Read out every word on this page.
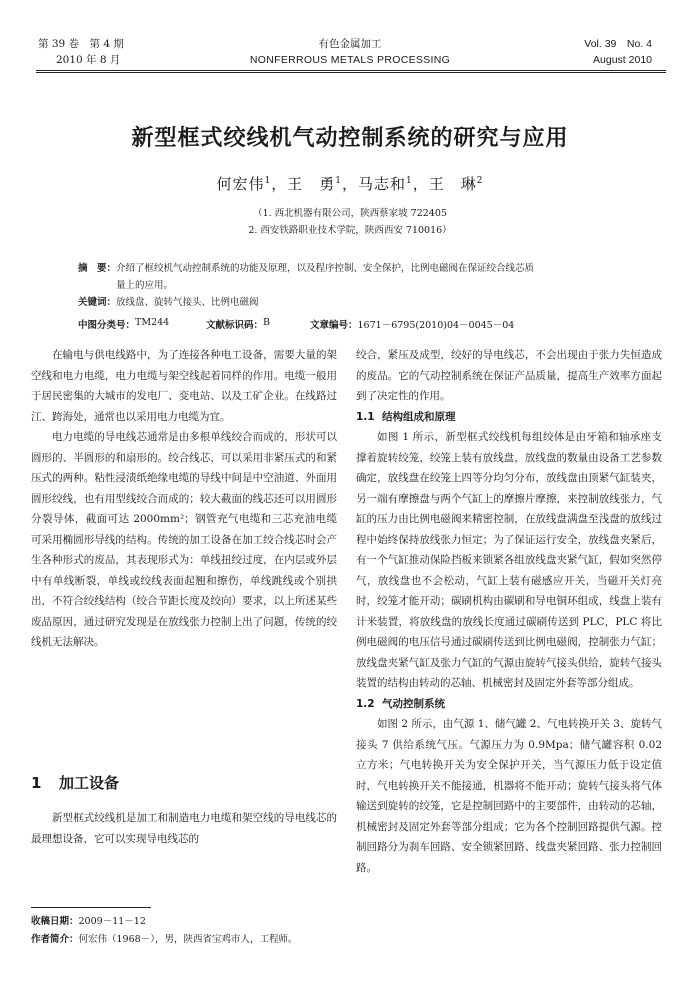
第 39 卷　第 4 期
2010 年 8 月
有色金属加工
NONFERROUS METALS PROCESSING
Vol. 39　No. 4
August 2010
新型框式绞线机气动控制系统的研究与应用
何宏伟$^1$，王　勇$^1$，马志和$^1$，王　琳$^2$
（1. 西北机器有限公司，陕西蔡家坡 722405
2. 西安铁路职业技术学院，陕西西安 710016）
摘　要：介绍了框绞机气动控制系统的功能及原理，以及程序控制、安全保护，比例电磁阀在保证绞合线芯质
量上的应用。
关键词：放线盘、旋转气接头、比例电磁阀
中图分类号： TM244	文献标识码： B	文章编号： 1671－6795(2010)04－0045－04

在输电与供电线路中，为了连接各种电工设备，需要大量的架空线和电力电缆，电力电缆与架空线起着同样的作用。电缆一般用于居民密集的大城市的发电厂、变电站、以及工矿企业。在线路过江、跨海处，通常也以采用电力电缆为宜。

电力电缆的导电线芯通常是由多根单线绞合而成的，形状可以圆形的、半圆形的和扇形的。绞合线芯，可以采用非紧压式的和紧压式的两种。粘性浸渍纸绝缘电缆的导线中间是中空油道、外面用圆形绞线，也有用型线绞合而成的；较大截面的线芯还可以用圆形分裂导体，截面可达 2000mm²；钢管充气电缆和三芯充油电缆可采用椭圆形导线的结构。传统的加工设备在加工绞合线芯时会产生各种形式的废品，其表现形式为：单线扭绞过度，在内层或外层中有单线断裂，单线或绞线表面起翘和擦伤，单线跳线或个别拱出，不符合绞线结构（绞合节距长度及绞向）要求，以上所述某些废品原因，通过研究发现是在放线张力控制上出了问题，传统的绞线机无法解决。

1 加工设备

新型框式绞线机是加工和制造电力电缆和架空线的导电线芯的最理想设备，它可以实现导电线芯的

收稿日期：2009－11－12
作者简介：何宏伟（1968－），男，陕西省宝鸡市人，工程师。

绞合，紧压及成型，绞好的导电线芯，不会出现由于张力失恒造成的废品。它的气动控制系统在保证产品质量，提高生产效率方面起到了决定性的作用。

1.1 结构组成和原理

如图 1 所示，新型框式绞线机每组绞体是由牙箱和轴承座支撑着旋转绞笼，绞笼上装有放线盘，放线盘的数量由设备工艺参数确定，放线盘在绞笼上四等分均匀分布，放线盘由顶紧气缸装夹，另一端有摩擦盘与两个气缸上的摩擦片摩擦，来控制放线张力，气缸的压力由比例电磁阀来精密控制，在放线盘满盘至浅盘的放线过程中始终保持放线张力恒定；为了保证运行安全，放线盘夹紧后，有一个气缸推动保险挡板来锁紧各组放线盘夹紧气缸，假如突然停气，放线盘也不会松动，气缸上装有磁感应开关，当磁开关灯亮时，绞笼才能开动；碳刷机构由碳刷和导电铜环组成，线盘上装有计米装置，将放线盘的放线长度通过碳刷传送到 PLC，PLC 将比例电磁阀的电压信号通过碳刷传送到比例电磁阀，控制张力气缸；放线盘夹紧气缸及张力气缸的气源由旋转气接头供给，旋转气接头装置的结构由转动的芯轴、机械密封及固定外套等部分组成。

1.2 气动控制系统

如图 2 所示，由气源 1、储气罐 2、气电转换开关 3、旋转气接头 7 供给系统气压。气源压力为 0.9Mpa；储气罐容积 0.02 立方米；气电转换开关为安全保护开关，当气源压力低于设定值时，气电转换开关不能接通，机器将不能开动；旋转气接头将气体输送到旋转的绞笼，它是控制回路中的主要部件，由转动的芯轴，机械密封及固定外套等部分组成；它为各个控制回路提供气源。控制回路分为刹车回路、安全锁紧回路、线盘夹紧回路、张力控制回路。
